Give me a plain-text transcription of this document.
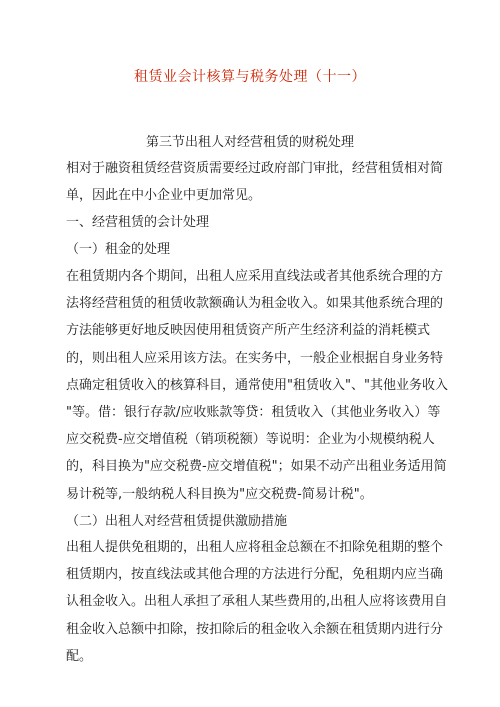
租赁业会计核算与税务处理（十一）
第三节出租人对经营租赁的财税处理
相对于融资租赁经营资质需要经过政府部门审批，经营租赁相对简
单，因此在中小企业中更加常见。
一、经营租赁的会计处理
（一）租金的处理
在租赁期内各个期间，出租人应采用直线法或者其他系统合理的方
法将经营租赁的租赁收款额确认为租金收入。如果其他系统合理的
方法能够更好地反映因使用租赁资产所产生经济利益的消耗模式
的，则出租人应采用该方法。在实务中，一般企业根据自身业务特
点确定租赁收入的核算科目，通常使用"租赁收入"、"其他业务收入
"等。借：银行存款/应收账款等贷：租赁收入（其他业务收入）等
应交税费-应交增值税（销项税额）等说明：企业为小规模纳税人
的，科目换为"应交税费-应交增值税"；如果不动产出租业务适用简
易计税等,一般纳税人科目换为"应交税费-简易计税"。
（二）出租人对经营租赁提供激励措施
出租人提供免租期的，出租人应将租金总额在不扣除免租期的整个
租赁期内，按直线法或其他合理的方法进行分配，免租期内应当确
认租金收入。出租人承担了承租人某些费用的,出租人应将该费用自
租金收入总额中扣除，按扣除后的租金收入余额在租赁期内进行分
配。
